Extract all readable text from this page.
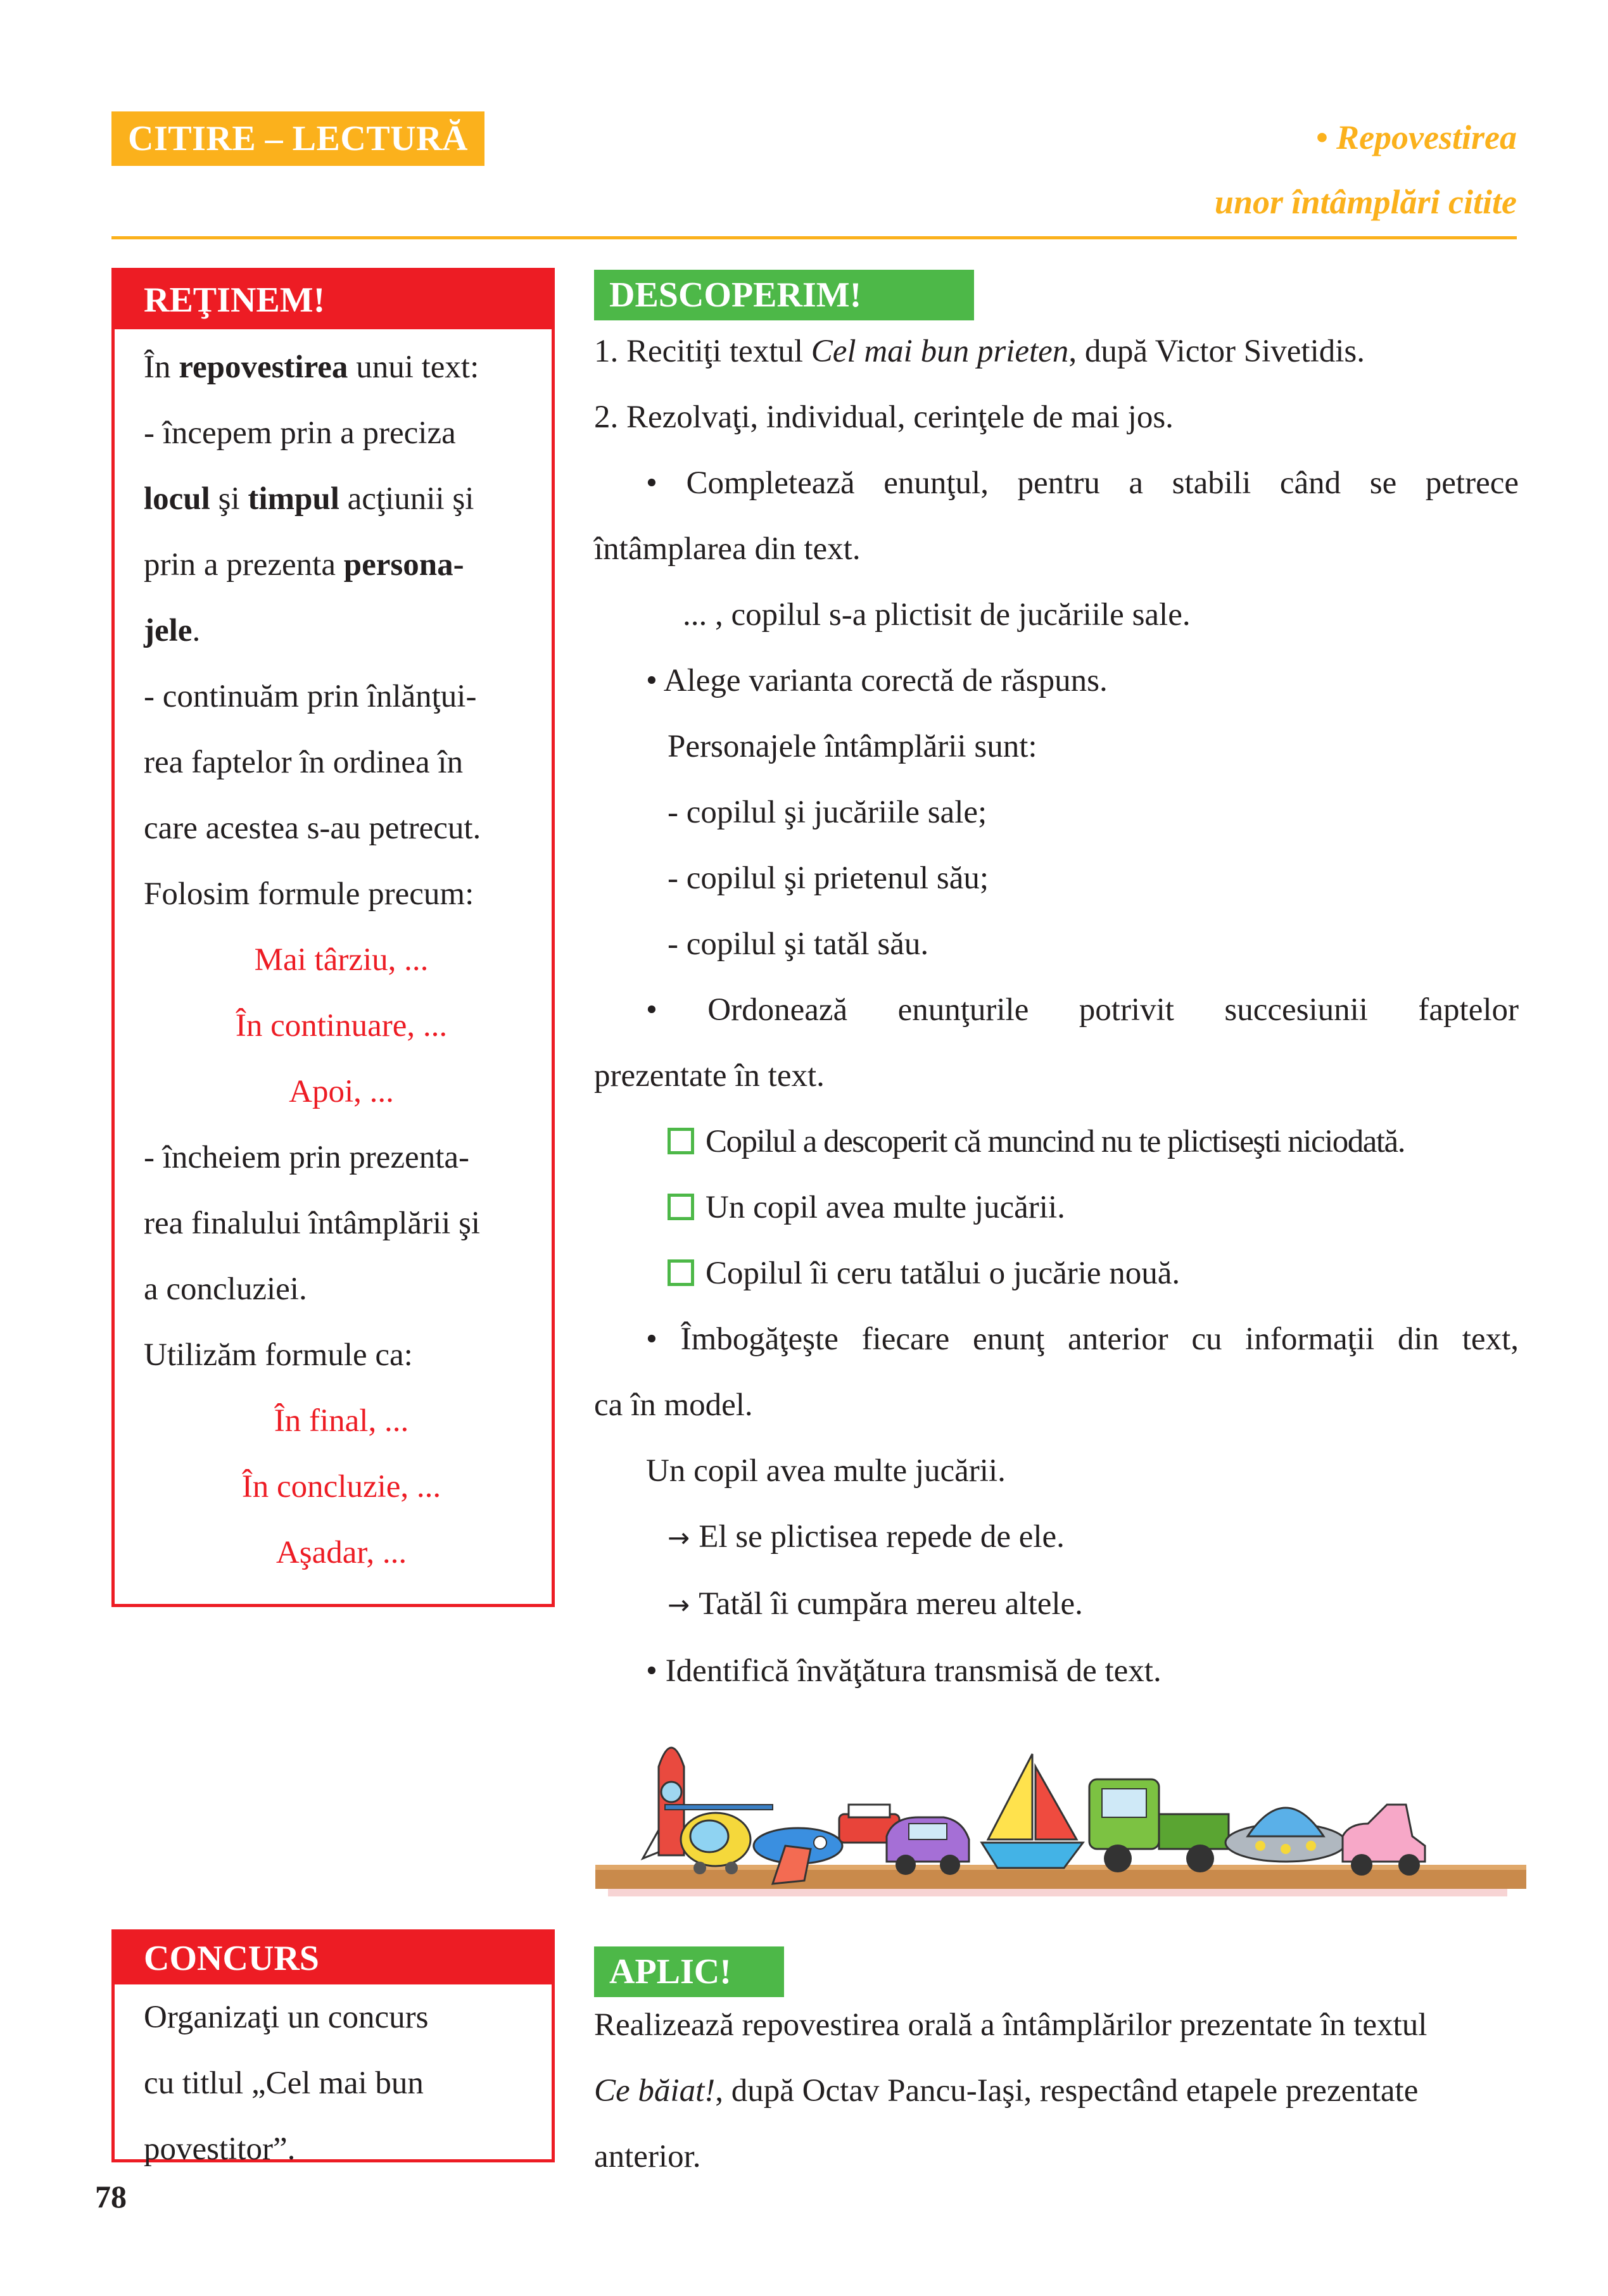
CITIRE – LECTURĂ	• Repovestirea
unor întâmplări citite
REŢINEM!

În repovestirea unui text:

- începem prin a preciza

locul şi timpul acţiunii şi

prin a prezenta persona-

jele.

- continuăm prin înlănţui-

rea faptelor în ordinea în

care acestea s-au petrecut.

Folosim formule precum:

Mai târziu, ...

În continuare, ...

Apoi, ...

- încheiem prin prezenta-

rea finalului întâmplării şi

a concluziei.

Utilizăm formule ca:

În final, ...

În concluzie, ...

Aşadar, ...

CONCURS

Organizaţi un concurs

cu titlul „Cel mai bun

povestitor”.

78
DESCOPERIM!

1. Recitiţi textul Cel mai bun prieten, după Victor Sivetidis.

2. Rezolvaţi, individual, cerinţele de mai jos.

• Completează enunţul, pentru a stabili când se petrece

întâmplarea din text.

... , copilul s-a plictisit de jucăriile sale.

• Alege varianta corectă de răspuns.

Personajele întâmplării sunt:

- copilul şi jucăriile sale;

- copilul şi prietenul său;

- copilul şi tatăl său.

• Ordonează enunţurile potrivit succesiunii faptelor

prezentate în text.

Copilul a descoperit că muncind nu te plictiseşti niciodată.

Un copil avea multe jucării.

Copilul îi ceru tatălui o jucărie nouă.

• Îmbogăţeşte fiecare enunţ anterior cu informaţii din text,

ca în model.

Un copil avea multe jucării.

→ El se plictisea repede de ele.

→ Tatăl îi cumpăra mereu altele.

• Identifică învăţătura transmisă de text.

APLIC!

Realizează repovestirea orală a întâmplărilor prezentate în textul

Ce băiat!, după Octav Pancu-Iaşi, respectând etapele prezentate

anterior.
